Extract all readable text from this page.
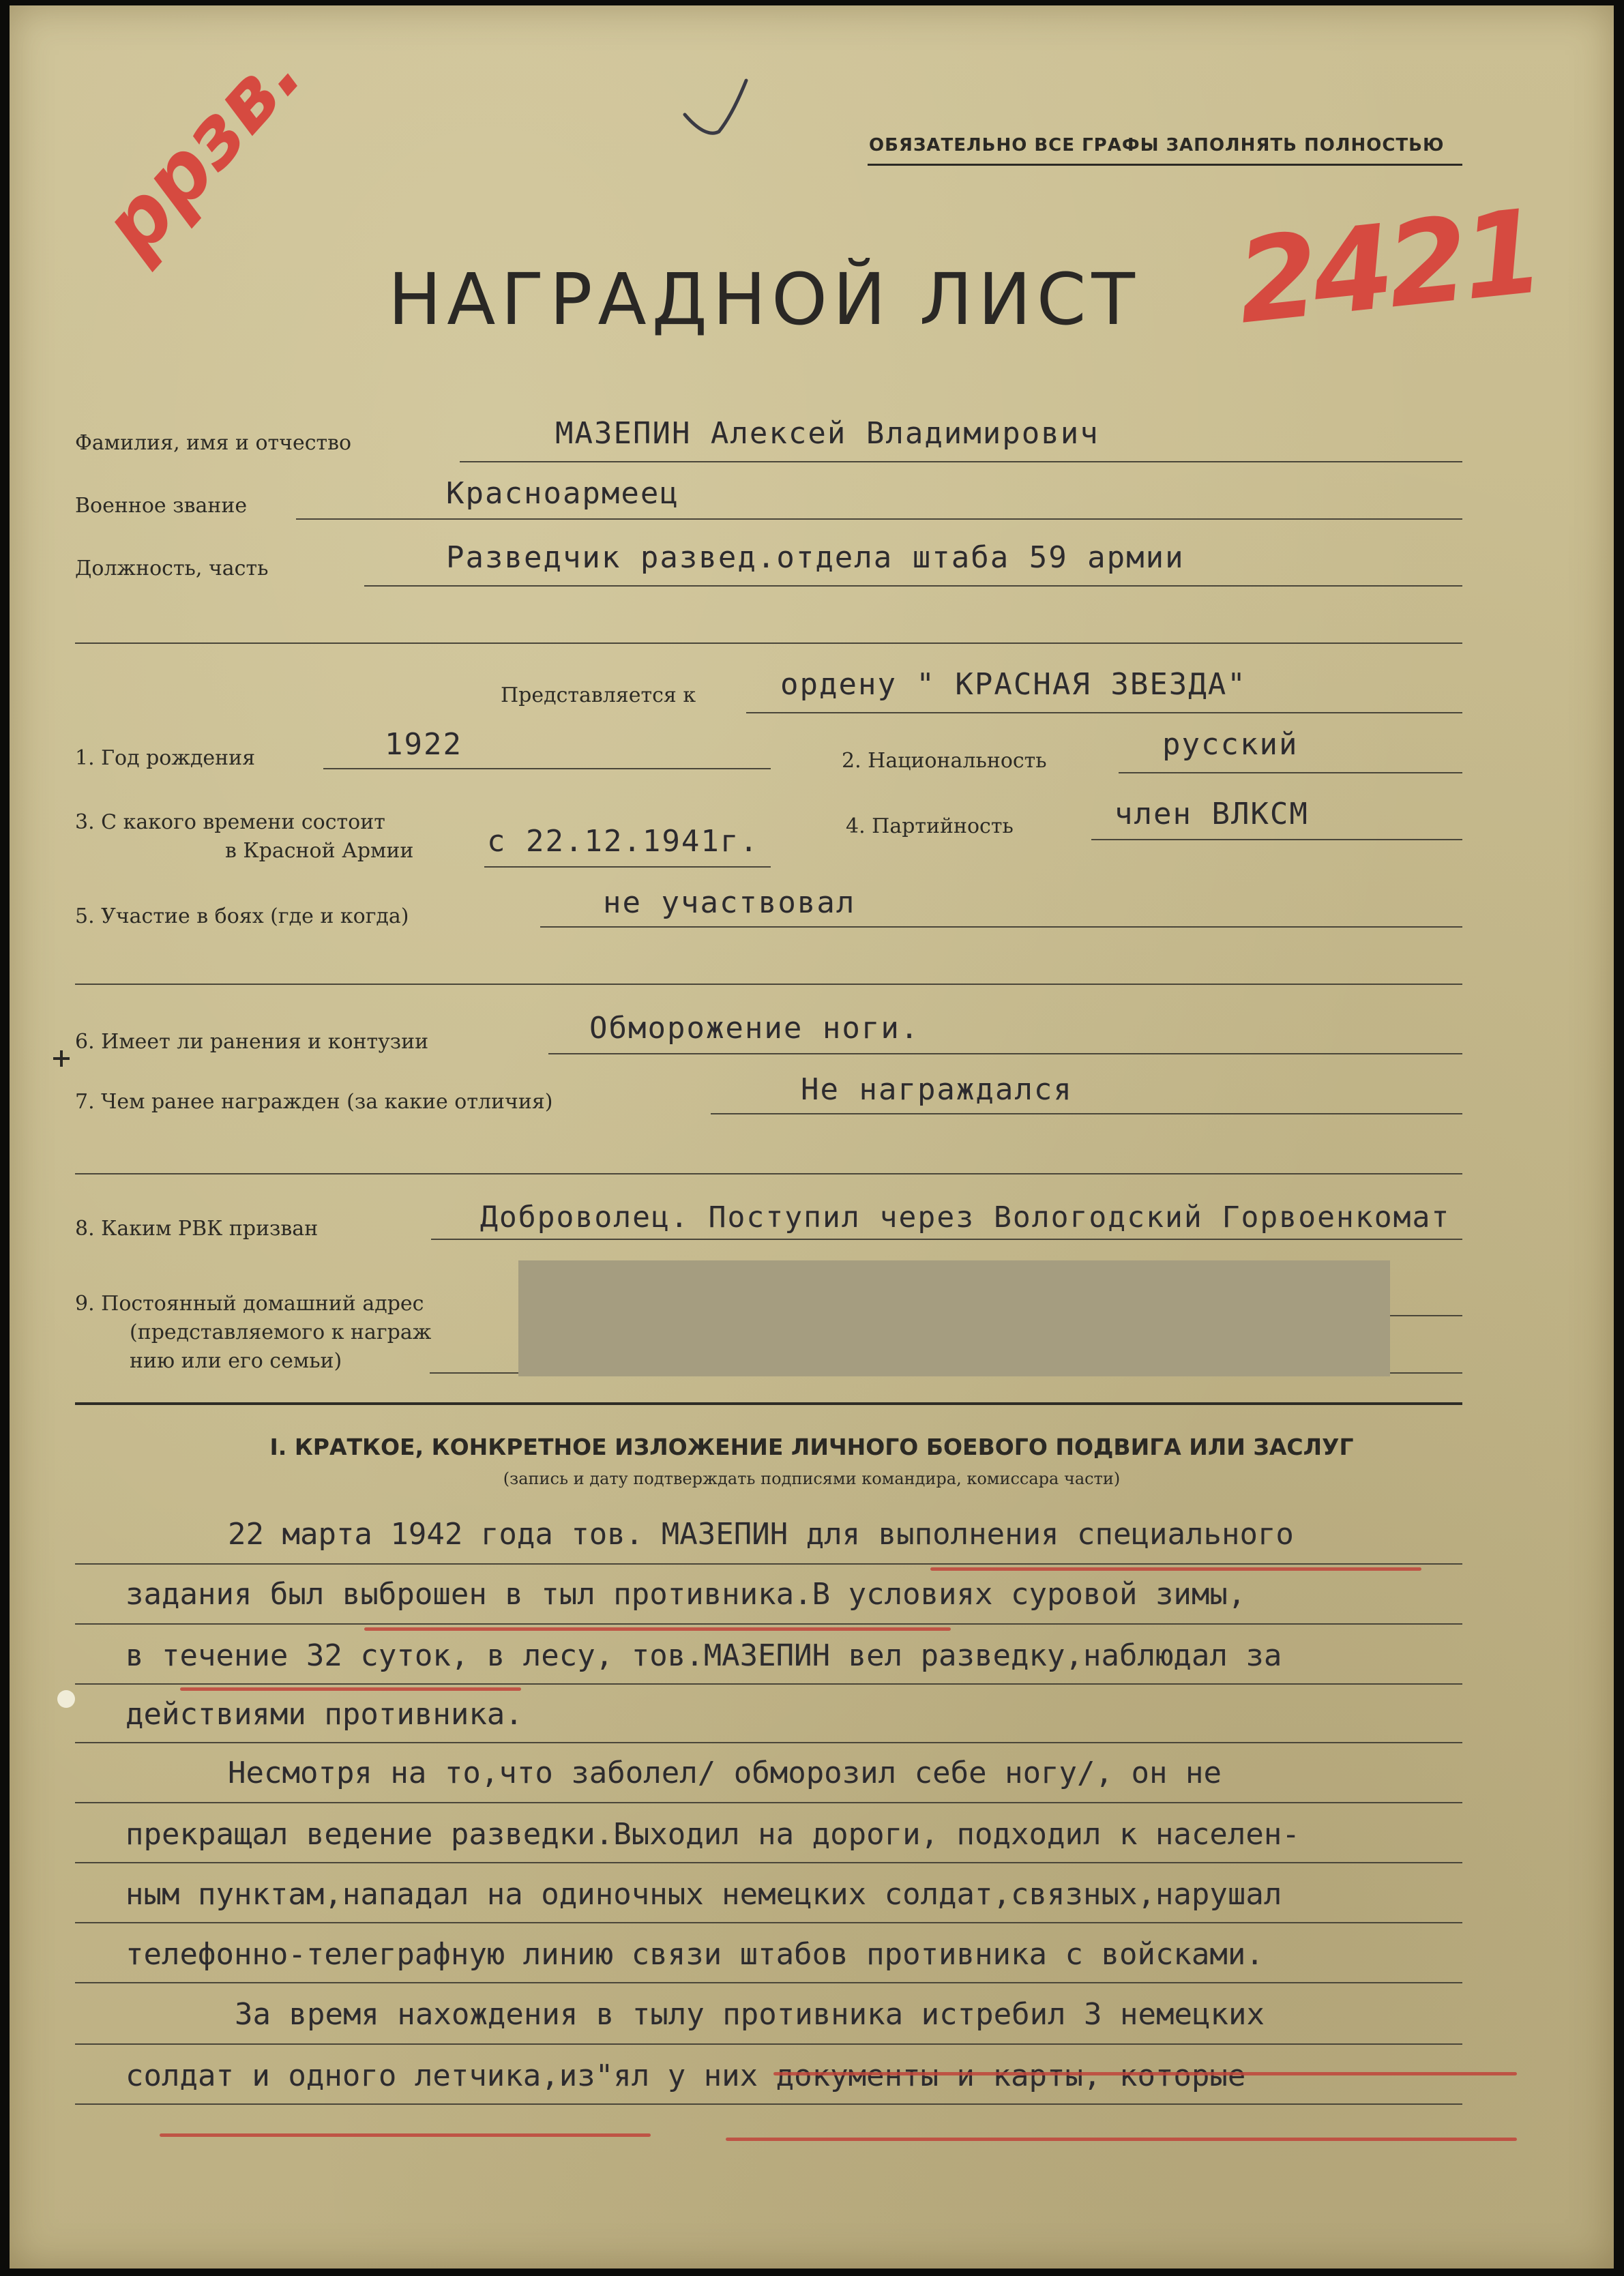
ОБЯЗАТЕЛЬНО ВСЕ ГРАФЫ ЗАПОЛНЯТЬ ПОЛНОСТЬЮ
ррзв.	2421
НАГРАДНОЙ ЛИСТ
Фамилия, имя и отчество	МАЗЕПИН Алексей Владимирович
Военное звание	Красноармеец
Должность, часть	Разведчик развед.отдела штаба 59 армии
Представляется к	ордену " КРАСНАЯ ЗВЕЗДА"
1. Год рождения	1922	2. Национальность	русский
3. С какого времени состоит
в Красной Армии с 22.12.1941г.	4. Партийность	член ВЛКСМ
5. Участие в боях (где и когда)	не участвовал
6. Имеет ли ранения и контузии	Обморожение ноги.
7. Чем ранее награжден (за какие отличия)	Не награждался
8. Каким РВК призван	Доброволец. Поступил через Вологодский Горвоенкомат
9. Постоянный домашний адрес
(представляемого к награж
нию или его семьи)
I. КРАТКОЕ, КОНКРЕТНОЕ ИЗЛОЖЕНИЕ ЛИЧНОГО БОЕВОГО ПОДВИГА ИЛИ ЗАСЛУГ
(запись и дату подтверждать подписями командира, комиссара части)
22 марта 1942 года тов. МАЗЕПИН для выполнения специального
задания был выброшен в тыл противника.В условиях суровой зимы,
в течение 32 суток, в лесу, тов.МАЗЕПИН вел разведку,наблюдал за
действиями противника.
Несмотря на то,что заболел/ обморозил себе ногу/, он не
прекращал ведение разведки.Выходил на дороги, подходил к населен-
ным пунктам,нападал на одиночных немецких солдат,связных,нарушал
телефонно-телеграфную линию связи штабов противника с войсками.
За время нахождения в тылу противника истребил 3 немецких
солдат и одного летчика,из"ял у них документы и карты, которые
